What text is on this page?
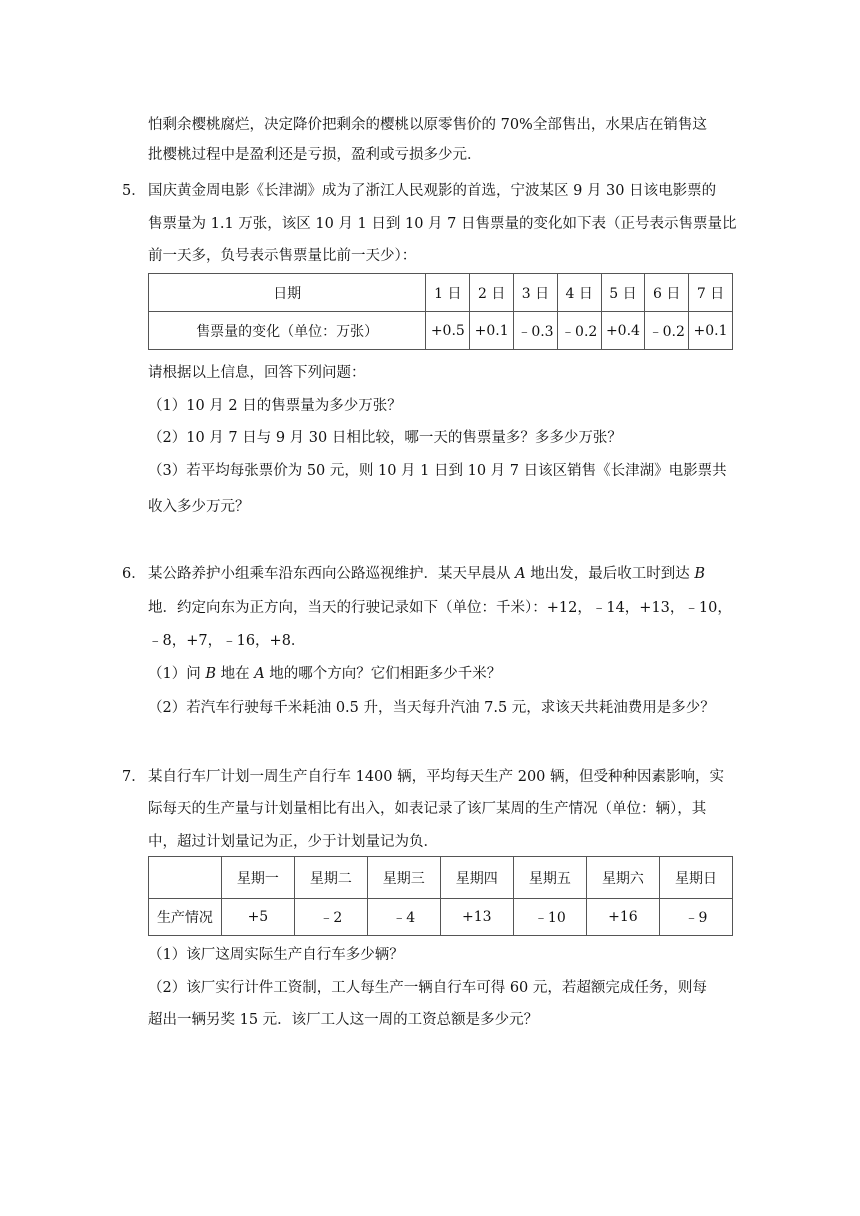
怕剩余樱桃腐烂，决定降价把剩余的樱桃以原零售价的 70%全部售出，水果店在销售这
批樱桃过程中是盈利还是亏损，盈利或亏损多少元．
5． 国庆黄金周电影《长津湖》成为了浙江人民观影的首选，宁波某区 9 月 30 日该电影票的
售票量为 1.1 万张，该区 10 月 1 日到 10 月 7 日售票量的变化如下表（正号表示售票量比
前一天多，负号表示售票量比前一天少）：
日期	1 日	2 日	3 日	4 日	5 日	6 日	7 日
售票量的变化（单位：万张）	+0.5	+0.1	﹣0.3	﹣0.2	+0.4	﹣0.2	+0.1
请根据以上信息，回答下列问题：
（1）10 月 2 日的售票量为多少万张？
（2）10 月 7 日与 9 月 30 日相比较，哪一天的售票量多？多多少万张？
（3）若平均每张票价为 50 元，则 10 月 1 日到 10 月 7 日该区销售《长津湖》电影票共
收入多少万元？
6． 某公路养护小组乘车沿东西向公路巡视维护．某天早晨从 A 地出发，最后收工时到达 B
地．约定向东为正方向，当天的行驶记录如下（单位：千米）：+12，﹣14，+13，﹣10，
﹣8，+7，﹣16，+8．
（1）问 B 地在 A 地的哪个方向？它们相距多少千米？
（2）若汽车行驶每千米耗油 0.5 升，当天每升汽油 7.5 元，求该天共耗油费用是多少？
7． 某自行车厂计划一周生产自行车 1400 辆，平均每天生产 200 辆，但受种种因素影响，实
际每天的生产量与计划量相比有出入，如表记录了该厂某周的生产情况（单位：辆），其
中，超过计划量记为正，少于计划量记为负．
	星期一	星期二	星期三	星期四	星期五	星期六	星期日
生产情况	+5	﹣2	﹣4	+13	﹣10	+16	﹣9
（1）该厂这周实际生产自行车多少辆？
（2）该厂实行计件工资制，工人每生产一辆自行车可得 60 元，若超额完成任务，则每
超出一辆另奖 15 元．该厂工人这一周的工资总额是多少元？
